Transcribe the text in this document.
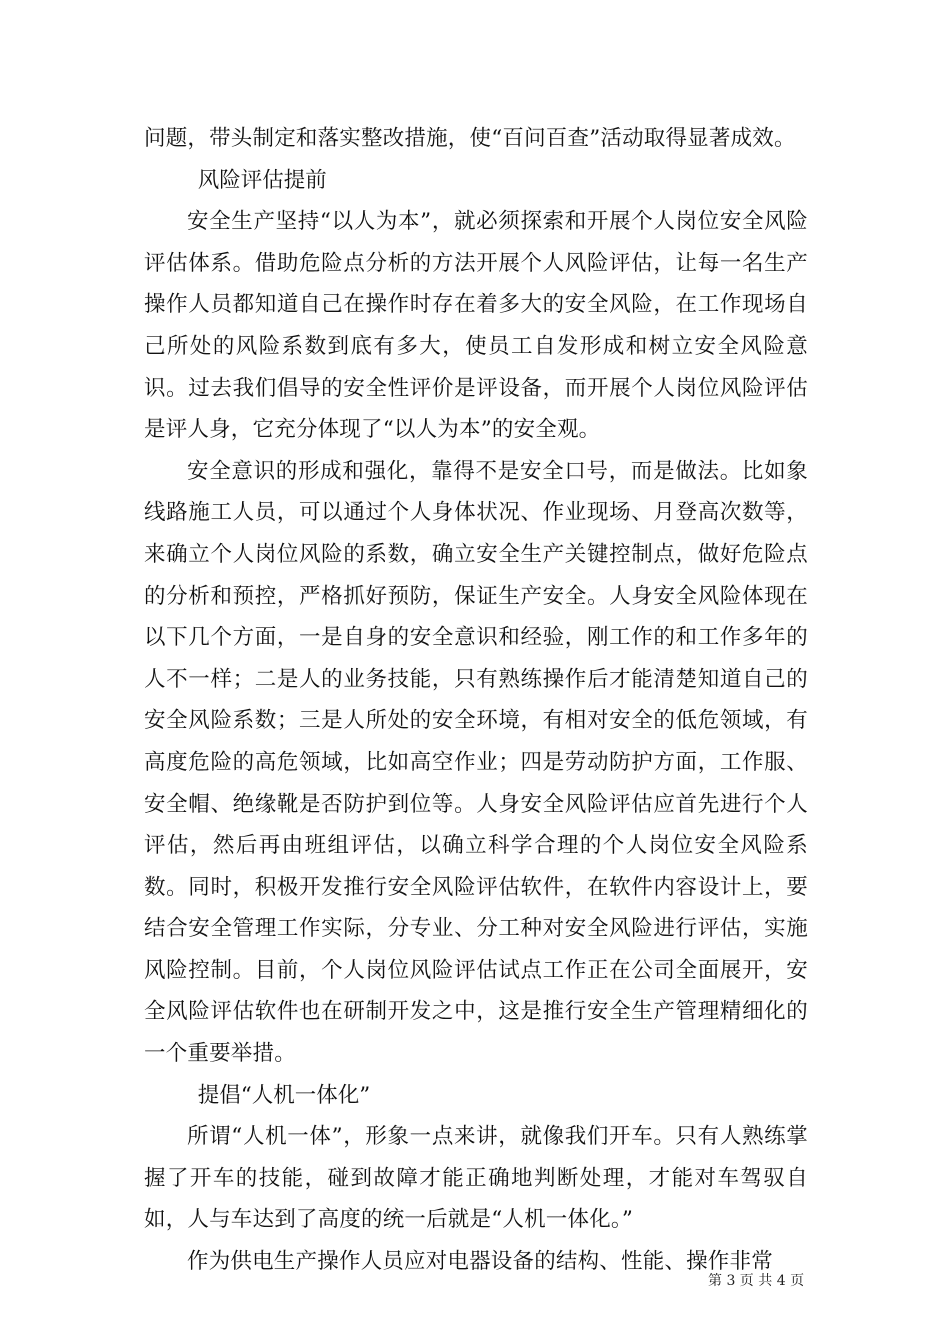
问题，带头制定和落实整改措施，使“百问百查”活动取得显著成效。

风险评估提前

安全生产坚持“以人为本”，就必须探索和开展个人岗位安全风险评估体系。借助危险点分析的方法开展个人风险评估，让每一名生产操作人员都知道自己在操作时存在着多大的安全风险，在工作现场自己所处的风险系数到底有多大，使员工自发形成和树立安全风险意识。过去我们倡导的安全性评价是评设备，而开展个人岗位风险评估是评人身，它充分体现了“以人为本”的安全观。

安全意识的形成和强化，靠得不是安全口号，而是做法。比如象线路施工人员，可以通过个人身体状况、作业现场、月登高次数等，来确立个人岗位风险的系数，确立安全生产关键控制点，做好危险点的分析和预控，严格抓好预防，保证生产安全。人身安全风险体现在以下几个方面，一是自身的安全意识和经验，刚工作的和工作多年的人不一样；二是人的业务技能，只有熟练操作后才能清楚知道自己的安全风险系数；三是人所处的安全环境，有相对安全的低危领域，有高度危险的高危领域，比如高空作业；四是劳动防护方面，工作服、安全帽、绝缘靴是否防护到位等。人身安全风险评估应首先进行个人评估，然后再由班组评估，以确立科学合理的个人岗位安全风险系数。同时，积极开发推行安全风险评估软件，在软件内容设计上，要结合安全管理工作实际，分专业、分工种对安全风险进行评估，实施风险控制。目前，个人岗位风险评估试点工作正在公司全面展开，安全风险评估软件也在研制开发之中，这是推行安全生产管理精细化的一个重要举措。

提倡“人机一体化”

所谓“人机一体”，形象一点来讲，就像我们开车。只有人熟练掌握了开车的技能，碰到故障才能正确地判断处理，才能对车驾驭自如，人与车达到了高度的统一后就是“人机一体化。”

作为供电生产操作人员应对电器设备的结构、性能、操作非常

第 3 页 共 4 页
